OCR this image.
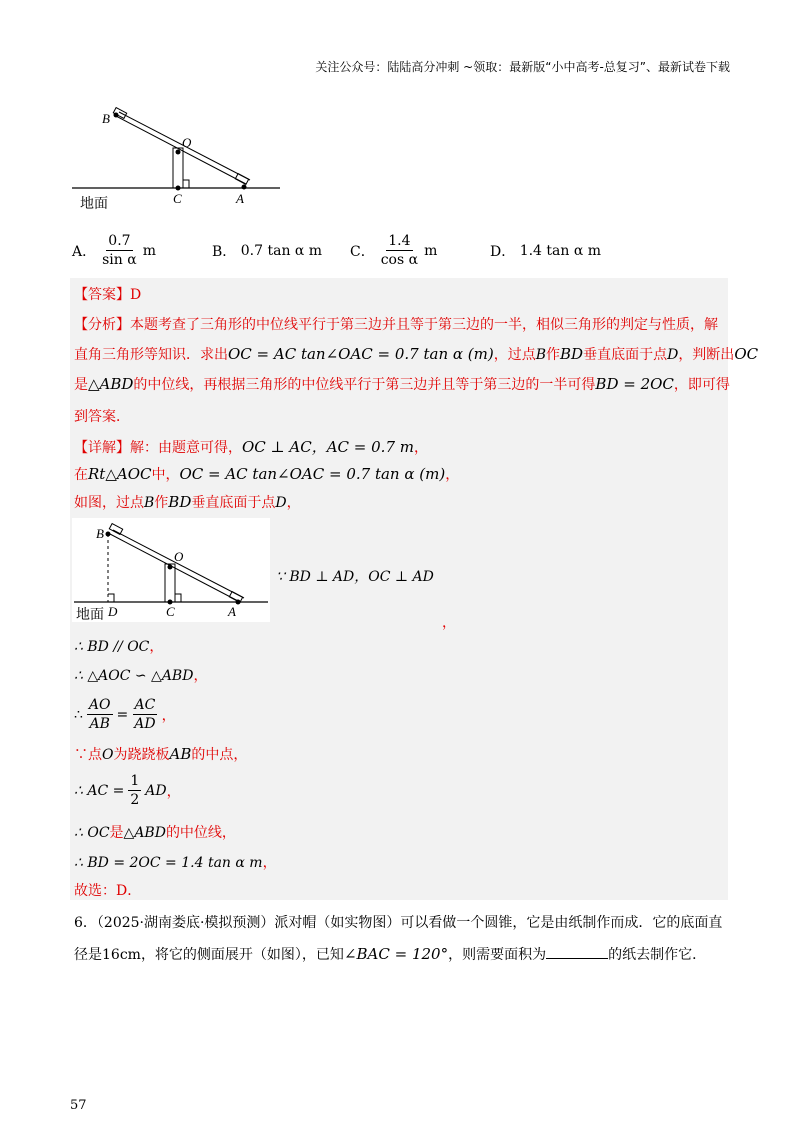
关注公众号：陆陆高分冲刺 ~领取：最新版“小中高考-总复习”、最新试卷下载
B
O
C	A
地面
A． $\frac{0.7}{\text{sin α}}$ m	B．
0.7 tan α m C． $\frac{1.4}{\text{cos α}}$ m	D．
1.4 tan α m
【答案】D
【分析】本题考查了三角形的中位线平行于第三边并且等于第三边的一半，相似三角形的判定与性质，解
直角三角形等知识．求出OC = AC tan∠OAC = 0.7 tan α (m)，过点B作BD垂直底面于点D，判断出OC
是△ABD的中位线，再根据三角形的中位线平行于第三边并且等于第三边的一半可得BD = 2OC，即可得
到答案．
【详解】解：由题意可得，OC ⊥ AC，AC = 0.7 m，
在Rt△AOC中，OC = AC tan∠OAC = 0.7 tan α (m)，
如图，过点B作BD垂直底面于点D，
B
O
D	C	A
地面
∵ BD ⊥ AD，OC ⊥ AD
，
∴ BD // OC，
∴ △AOC ∽ △ABD，
∴ $\frac{AO}{AB} = \frac{AC}{AD}$ ，
∵点O为跷跷板AB的中点，
∴ AC = $\frac{1}{2}$ AD ，
∴ OC是△ABD的中位线，
∴ BD = 2OC = 1.4 tan α m，
故选：D．
6．（2025·湖南娄底·模拟预测）派对帽（如实物图）可以看做一个圆锥，它是由纸制作而成．它的底面直
径是16cm，将它的侧面展开（如图），已知∠BAC = 120°，则需要面积为	的纸去制作它．
57
